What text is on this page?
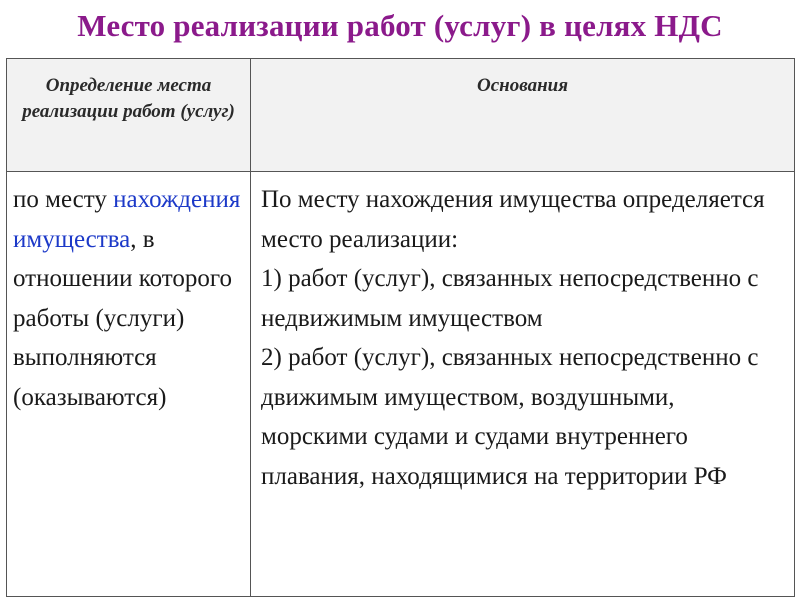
Место реализации работ (услуг) в целях НДС
Определение места реализации работ (услуг)	Основания

по месту нахождения имущества, в отношении которого работы (услуги) выполняются (оказываются)	По месту нахождения имущества определяется место реализации:
1) работ (услуг), связанных непосредственно с недвижимым имуществом
2) работ (услуг), связанных непосредственно с движимым имуществом, воздушными, морскими судами и судами внутреннего плавания, находящимися на территории РФ
